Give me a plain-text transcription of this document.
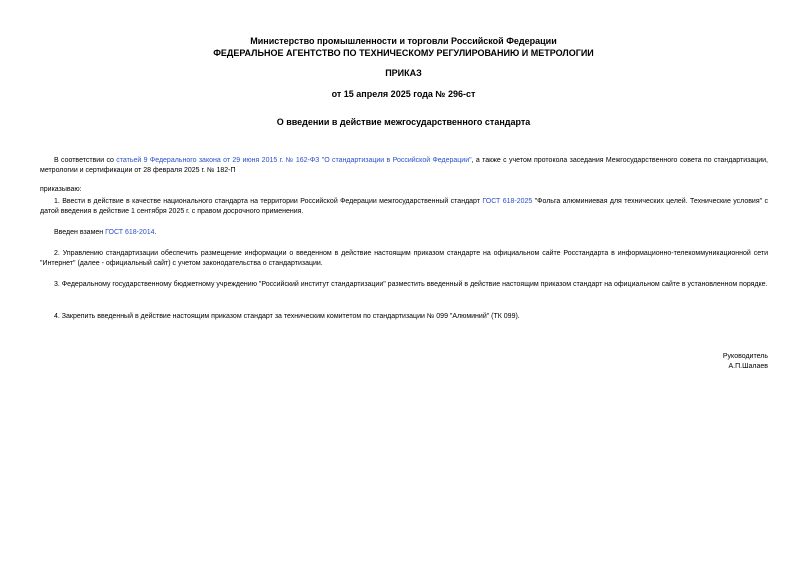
Министерство промышленности и торговли Российской Федерации
ФЕДЕРАЛЬНОЕ АГЕНТСТВО ПО ТЕХНИЧЕСКОМУ РЕГУЛИРОВАНИЮ И МЕТРОЛОГИИ
ПРИКАЗ
от 15 апреля 2025 года № 296-ст
О введении в действие межгосударственного стандарта
В соответствии со статьей 9 Федерального закона от 29 июня 2015 г. № 162-ФЗ "О стандартизации в Российской Федерации", а также с учетом протокола заседания Межгосударственного совета по стандартизации, метрологии и сертификации от 28 февраля 2025 г. № 182-П
приказываю:
1. Ввести в действие в качестве национального стандарта на территории Российской Федерации межгосударственный стандарт ГОСТ 618-2025 "Фольга алюминиевая для технических целей. Технические условия" с датой введения в действие 1 сентября 2025 г. с правом досрочного применения.
Введен взамен ГОСТ 618-2014.
2. Управлению стандартизации обеспечить размещение информации о введенном в действие настоящим приказом стандарте на официальном сайте Росстандарта в информационно-телекоммуникационной сети "Интернет" (далее - официальный сайт) с учетом законодательства о стандартизации.
3. Федеральному государственному бюджетному учреждению "Российский институт стандартизации" разместить введенный в действие настоящим приказом стандарт на официальном сайте в установленном порядке.
4. Закрепить введенный в действие настоящим приказом стандарт за техническим комитетом по стандартизации № 099 "Алюминий" (ТК 099).
Руководитель
А.П.Шалаев
